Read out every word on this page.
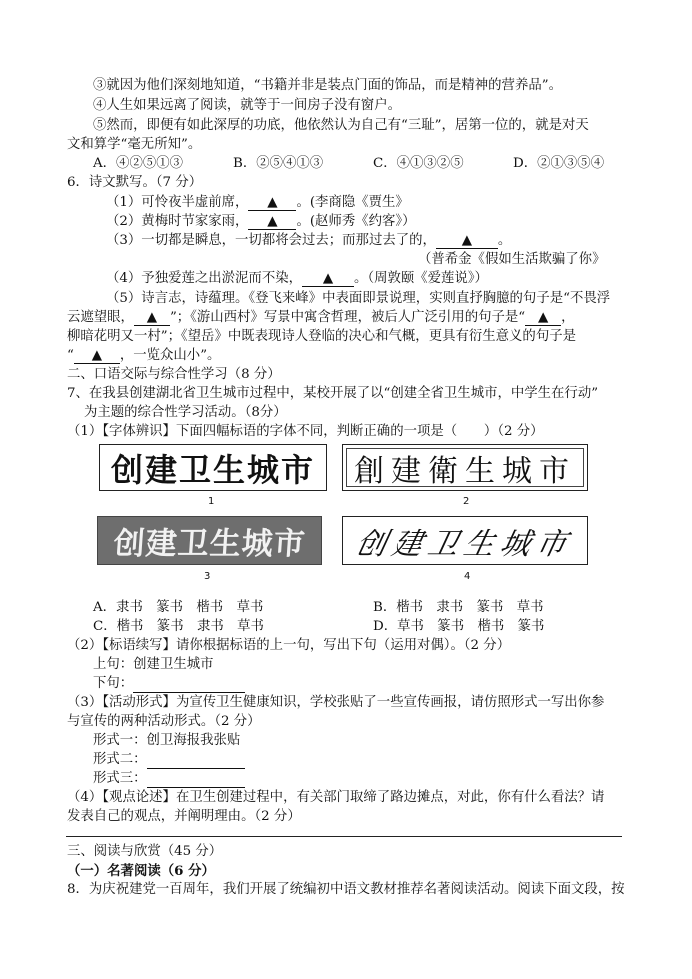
③就因为他们深刻地知道，“书籍并非是装点门面的饰品，而是精神的营养品”。
④人生如果远离了阅读，就等于一间房子没有窗户。
⑤然而，即便有如此深厚的功底，他依然认为自己有“三耻”，居第一位的，就是对天
文和算学“毫无所知”。
A．④②⑤①③	B．②⑤④①③	C．④①③②⑤	D．②①③⑤④
6．诗文默写。（7 分）
（1）可怜夜半虚前席， ▲ 。(李商隐《贾生》
（2）黄梅时节家家雨， ▲ 。(赵师秀《约客》）
（3）一切都是瞬息，一切都将会过去；而那过去了的， ▲ 。
（普希金《假如生活欺骗了你》
（4）予独爱莲之出淤泥而不染， ▲ 。（周敦颐《爱莲说》）
（5）诗言志，诗蕴理。《登飞来峰》中表面即景说理，实则直抒胸臆的句子是“不畏浮
云遮望眼， ▲ ”；《游山西村》写景中寓含哲理，被后人广泛引用的句子是“ ▲ ，
柳暗花明又一村”；《望岳》中既表现诗人登临的决心和气概，更具有衍生意义的句子是
“ ▲ ，一览众山小”。
二、口语交际与综合性学习（8 分）
7、在我县创建湖北省卫生城市过程中，某校开展了以“创建全省卫生城市，中学生在行动”
为主题的综合性学习活动。（8分）
（1）【字体辨识】下面四幅标语的字体不同，判断正确的一项是（　　）（2 分）
创建卫生城市
1
創建衛生城市
2
创建卫生城市
3
创建卫生城市
4
A．隶书　篆书　楷书　草书	B．楷书　隶书　篆书　草书
C．楷书　篆书　隶书　草书	D．草书　篆书　楷书　篆书
（2）【标语续写】请你根据标语的上一句，写出下句（运用对偶）。（2 分）
上句：创建卫生城市
下句：
（3）【活动形式】为宣传卫生健康知识，学校张贴了一些宣传画报，请仿照形式一写出你参
与宣传的两种活动形式。（2 分）
形式一：创卫海报我张贴
形式二：
形式三：
（4）【观点论述】在卫生创建过程中，有关部门取缔了路边摊点，对此，你有什么看法？请
发表自己的观点，并阐明理由。（2 分）
三、阅读与欣赏（45 分）
（一）名著阅读（6 分）
8．为庆祝建党一百周年，我们开展了统编初中语文教材推荐名著阅读活动。阅读下面文段，按
